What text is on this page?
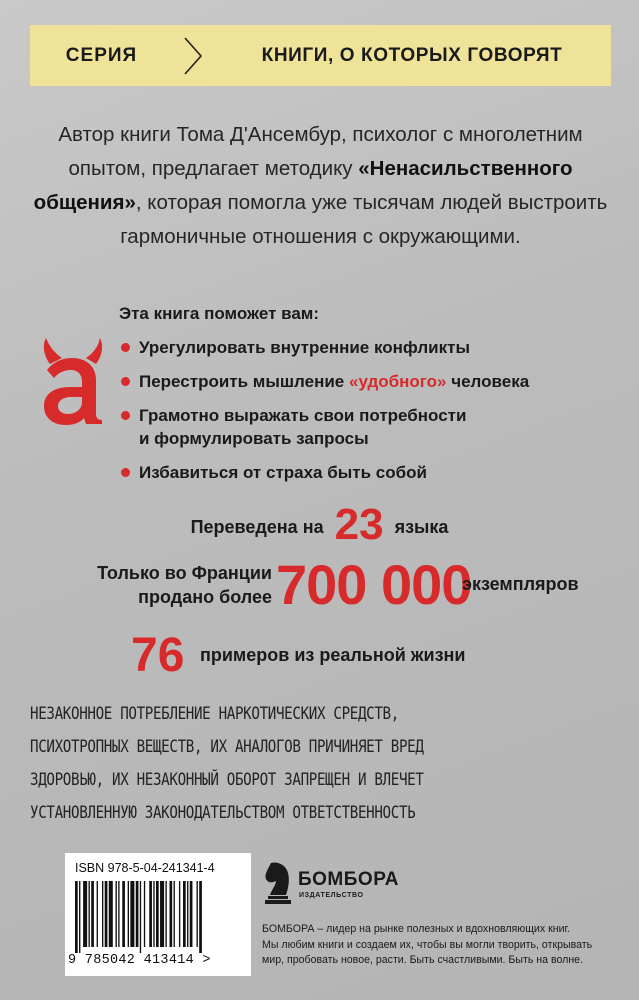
СЕРИЯ	КНИГИ, О КОТОРЫХ ГОВОРЯТ
Автор книги Тома Д'Ансембур, психолог с многолетним опытом, предлагает методику «Ненасильственного общения», которая помогла уже тысячам людей выстроить гармоничные отношения с окружающими.
Эта книга поможет вам:
Урегулировать внутренние конфликты
Перестроить мышление «удобного» человека
Грамотно выражать свои потребности
и формулировать запросы
Избавиться от страха быть собой
Переведена на 23 языка
Только во Франции
продано более 700 000
экземпляров
76 примеров из реальной жизни
НЕЗАКОННОЕ ПОТРЕБЛЕНИЕ НАРКОТИЧЕСКИХ СРЕДСТВ,
ПСИХОТРОПНЫХ ВЕЩЕСТВ, ИХ АНАЛОГОВ ПРИЧИНЯЕТ ВРЕД
ЗДОРОВЬЮ, ИХ НЕЗАКОННЫЙ ОБОРОТ ЗАПРЕЩЕН И ВЛЕЧЕТ
УСТАНОВЛЕННУЮ ЗАКОНОДАТЕЛЬСТВОМ ОТВЕТСТВЕННОСТЬ
ISBN 978-5-04-241341-4
9 785042 413414 >
БОМБОРА
ИЗДАТЕЛЬСТВО
БОМБОРА – лидер на рынке полезных и вдохновляющих книг.
Мы любим книги и создаем их, чтобы вы могли творить, открывать
мир, пробовать новое, расти. Быть счастливыми. Быть на волне.
